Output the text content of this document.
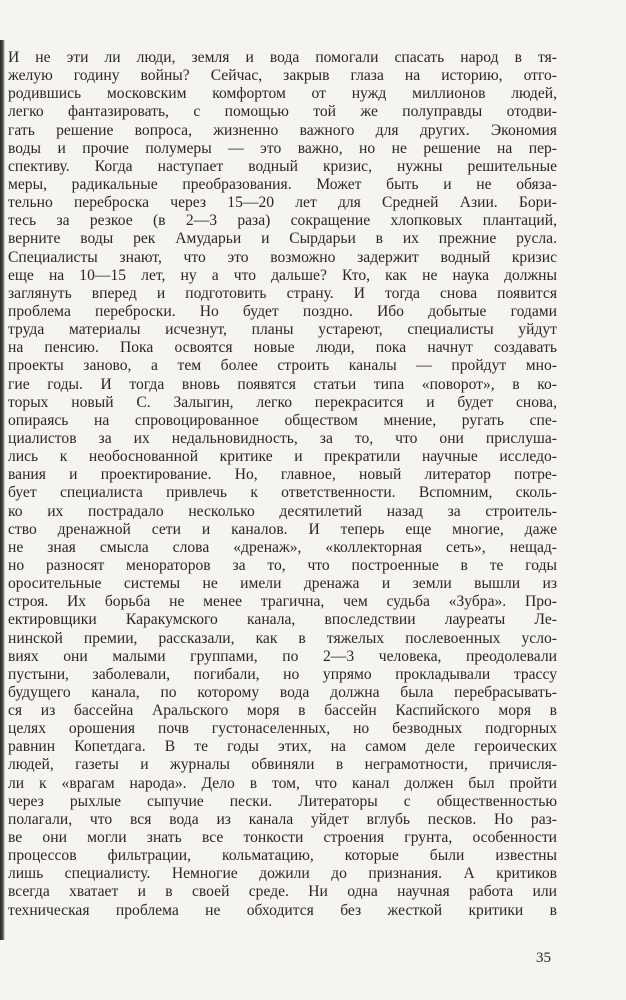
И не эти ли люди, земля и вода помогали спасать народ в тя-
желую годину войны? Сейчас, закрыв глаза на историю, отго-
родившись московским комфортом от нужд миллионов людей,
легко фантазировать, с помощью той же полуправды отодви-
гать решение вопроса, жизненно важного для других. Экономия
воды и прочие полумеры — это важно, но не решение на пер-
спективу. Когда наступает водный кризис, нужны решительные
меры, радикальные преобразования. Может быть и не обяза-
тельно переброска через 15—20 лет для Средней Азии. Бори-
тесь за резкое (в 2—3 раза) сокращение хлопковых плантаций,
верните воды рек Амударьи и Сырдарьи в их прежние русла.
Специалисты знают, что это возможно задержит водный кризис
еще на 10—15 лет, ну а что дальше? Кто, как не наука должны
заглянуть вперед и подготовить страну. И тогда снова появится
проблема переброски. Но будет поздно. Ибо добытые годами
труда материалы исчезнут, планы устареют, специалисты уйдут
на пенсию. Пока освоятся новые люди, пока начнут создавать
проекты заново, а тем более строить каналы — пройдут мно-
гие годы. И тогда вновь появятся статьи типа «поворот», в ко-
торых новый С. Залыгин, легко перекрасится и будет снова,
опираясь на спровоцированное обществом мнение, ругать спе-
циалистов за их недальновидность, за то, что они прислуша-
лись к необоснованной критике и прекратили научные исследо-
вания и проектирование. Но, главное, новый литератор потре-
бует специалиста привлечь к ответственности. Вспомним, сколь-
ко их пострадало несколько десятилетий назад за строитель-
ство дренажной сети и каналов. И теперь еще многие, даже
не зная смысла слова «дренаж», «коллекторная сеть», нещад-
но разносят менораторов за то, что построенные в те годы
оросительные системы не имели дренажа и земли вышли из
строя. Их борьба не менее трагична, чем судьба «Зубра». Про-
ектировщики Каракумского канала, впоследствии лауреаты Ле-
нинской премии, рассказали, как в тяжелых послевоенных усло-
виях они малыми группами, по 2—3 человека, преодолевали
пустыни, заболевали, погибали, но упрямо прокладывали трассу
будущего канала, по которому вода должна была перебрасывать-
ся из бассейна Аральского моря в бассейн Каспийского моря в
целях орошения почв густонаселенных, но безводных подгорных
равнин Копетдага. В те годы этих, на самом деле героических
людей, газеты и журналы обвиняли в неграмотности, причисля-
ли к «врагам народа». Дело в том, что канал должен был пройти
через рыхлые сыпучие пески. Литераторы с общественностью
полагали, что вся вода из канала уйдет вглубь песков. Но раз-
ве они могли знать все тонкости строения грунта, особенности
процессов фильтрации, кольматацию, которые были известны
лишь специалисту. Немногие дожили до признания. А критиков
всегда хватает и в своей среде. Ни одна научная работа или
техническая проблема не обходится без жесткой критики в
35
